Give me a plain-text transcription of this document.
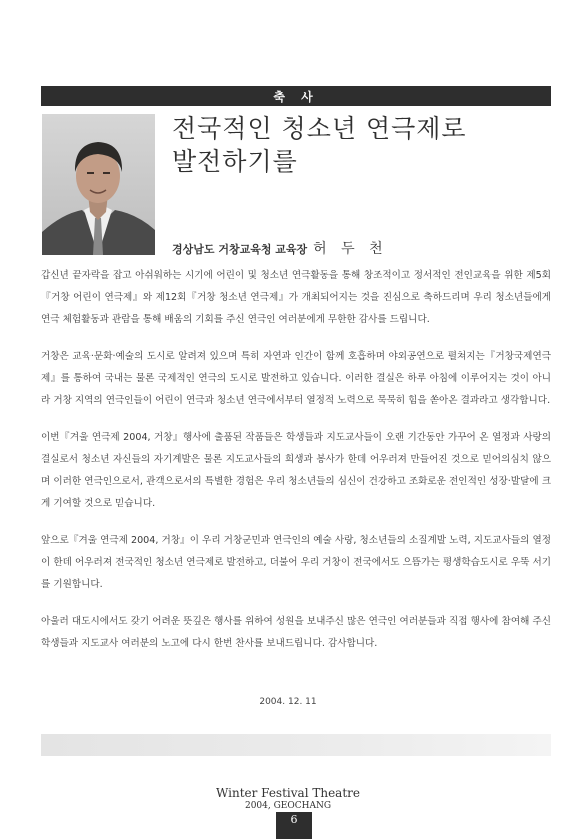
축 사
전국적인 청소년 연극제로
발전하기를
경상남도 거창교육청 교육장 허 두 천

갑신년 끝자락을 잡고 아쉬워하는 시기에 어린이 및 청소년 연극활동을 통해 창조적이고 정서적인 전인교육을 위한 제5회『거창 어린이 연극제』와 제12회『거창 청소년 연극제』가 개최되어지는 것을 진심으로 축하드리며 우리 청소년들에게 연극 체험활동과 관람을 통해 배움의 기회를 주신 연극인 여러분에게 무한한 감사를 드립니다.

거창은 교육·문화·예술의 도시로 알려져 있으며 특히 자연과 인간이 함께 호흡하며 야외공연으로 펼쳐지는『거창국제연극제』를 통하여 국내는 물론 국제적인 연극의 도시로 발전하고 있습니다. 이러한 결실은 하루 아침에 이루어지는 것이 아니라 거창 지역의 연극인들이 어린이 연극과 청소년 연극에서부터 열정적 노력으로 묵묵히 힘을 쏟아온 결과라고 생각합니다.

이번『겨울 연극제 2004, 거창』행사에 출품된 작품들은 학생들과 지도교사들이 오랜 기간동안 가꾸어 온 열정과 사랑의 결실로서 청소년 자신들의 자기계발은 물론 지도교사들의 희생과 봉사가 한데 어우러져 만들어진 것으로 믿어의심치 않으며 이러한 연극인으로서, 관객으로서의 특별한 경험은 우리 청소년들의 심신이 건강하고 조화로운 전인적인 성장·발달에 크게 기여할 것으로 믿습니다.

앞으로『겨울 연극제 2004, 거창』이 우리 거창군민과 연극인의 예술 사랑, 청소년들의 소질계발 노력, 지도교사들의 열정이 한데 어우러져 전국적인 청소년 연극제로 발전하고, 더불어 우리 거창이 전국에서도 으뜸가는 평생학습도시로 우뚝 서기를 기원합니다.

아울러 대도시에서도 갖기 어려운 뜻깊은 행사를 위하여 성원을 보내주신 많은 연극인 여러분들과 직접 행사에 참여해 주신 학생들과 지도교사 여러분의 노고에 다시 한번 찬사를 보내드립니다. 감사합니다.

2004. 12. 11
Winter Festival Theatre
2004, GEOCHANG
6
